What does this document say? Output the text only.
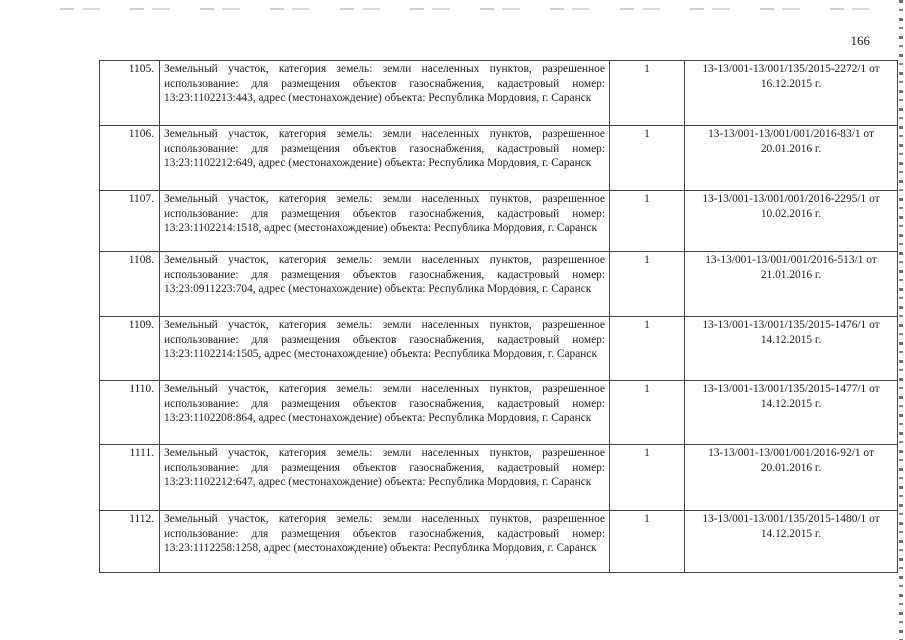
166
1105.	Земельный участок, категория земель: земли населенных пунктов, разрешенное использование: для размещения объектов газоснабжения, кадастровый номер: 13:23:1102213:443, адрес (местонахождение) объекта: Республика Мордовия, г. Саранск	1	13-13/001-13/001/135/2015-2272/1 от 16.12.2015 г.
1106.	Земельный участок, категория земель: земли населенных пунктов, разрешенное использование: для размещения объектов газоснабжения, кадастровый номер: 13:23:1102212:649, адрес (местонахождение) объекта: Республика Мордовия, г. Саранск	1	13-13/001-13/001/001/2016-83/1 от 20.01.2016 г.
1107.	Земельный участок, категория земель: земли населенных пунктов, разрешенное использование: для размещения объектов газоснабжения, кадастровый номер: 13:23:1102214:1518, адрес (местонахождение) объекта: Республика Мордовия, г. Саранск	1	13-13/001-13/001/001/2016-2295/1 от 10.02.2016 г.
1108.	Земельный участок, категория земель: земли населенных пунктов, разрешенное использование: для размещения объектов газоснабжения, кадастровый номер: 13:23:0911223:704, адрес (местонахождение) объекта: Республика Мордовия, г. Саранск	1	13-13/001-13/001/001/2016-513/1 от 21.01.2016 г.
1109.	Земельный участок, категория земель: земли населенных пунктов, разрешенное использование: для размещения объектов газоснабжения, кадастровый номер: 13:23:1102214:1505, адрес (местонахождение) объекта: Республика Мордовия, г. Саранск	1	13-13/001-13/001/135/2015-1476/1 от 14.12.2015 г.
1110.	Земельный участок, категория земель: земли населенных пунктов, разрешенное использование: для размещения объектов газоснабжения, кадастровый номер: 13:23:1102208:864, адрес (местонахождение) объекта: Республика Мордовия, г. Саранск	1	13-13/001-13/001/135/2015-1477/1 от 14.12.2015 г.
1111.	Земельный участок, категория земель: земли населенных пунктов, разрешенное использование: для размещения объектов газоснабжения, кадастровый номер: 13:23:1102212:647, адрес (местонахождение) объекта: Республика Мордовия, г. Саранск	1	13-13/001-13/001/001/2016-92/1 от 20.01.2016 г.
1112.	Земельный участок, категория земель: земли населенных пунктов, разрешенное использование: для размещения объектов газоснабжения, кадастровый номер: 13:23:1112258:1258, адрес (местонахождение) объекта: Республика Мордовия, г. Саранск	1	13-13/001-13/001/135/2015-1480/1 от 14.12.2015 г.
